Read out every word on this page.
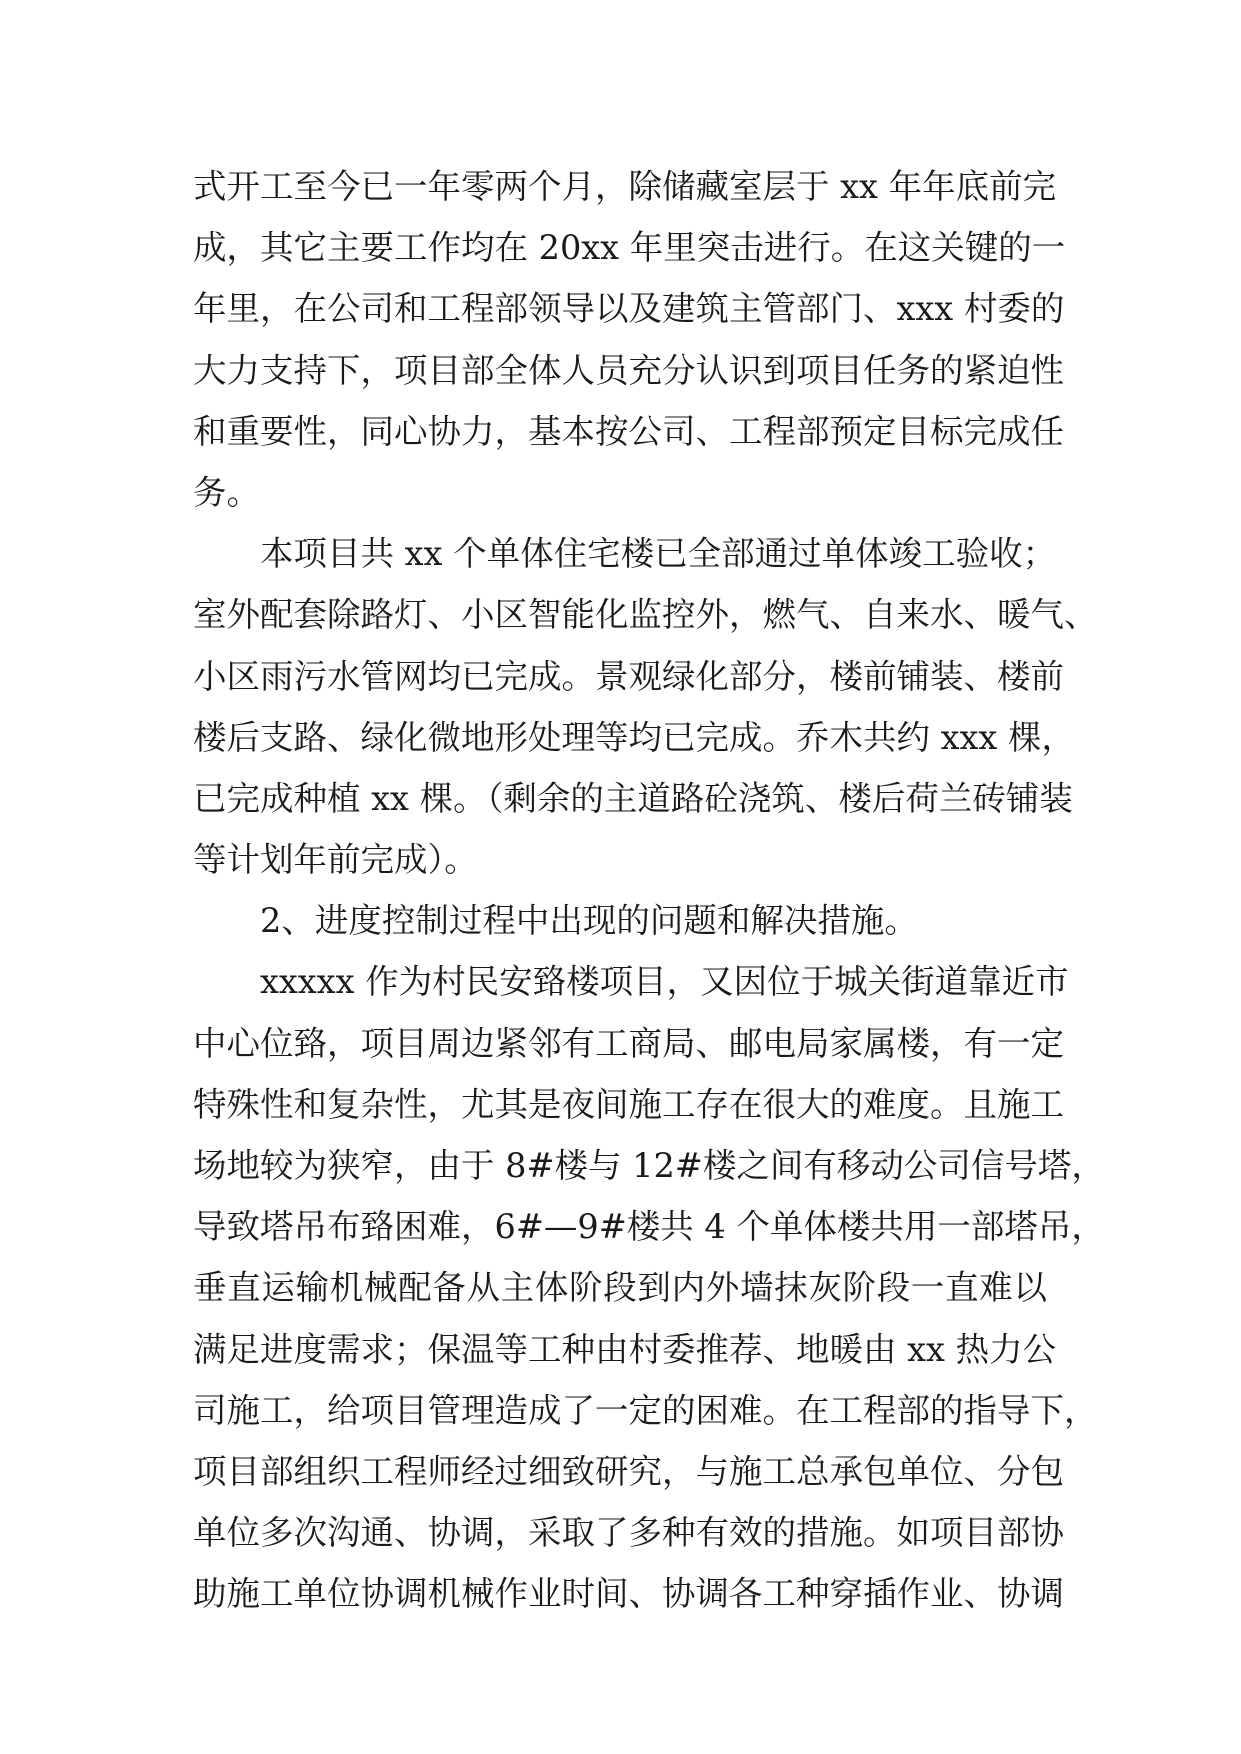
式开工至今已一年零两个月，除储藏室层于 xx 年年底前完
成，其它主要工作均在 20xx 年里突击进行。在这关键的一
年里，在公司和工程部领导以及建筑主管部门、xxx 村委的
大力支持下，项目部全体人员充分认识到项目任务的紧迫性
和重要性，同心协力，基本按公司、工程部预定目标完成任
务。
本项目共 xx 个单体住宅楼已全部通过单体竣工验收；
室外配套除路灯、小区智能化监控外，燃气、自来水、暖气、
小区雨污水管网均已完成。景观绿化部分，楼前铺装、楼前
楼后支路、绿化微地形处理等均已完成。乔木共约 xxx 棵，
已完成种植 xx 棵。（剩余的主道路砼浇筑、楼后荷兰砖铺装
等计划年前完成）。
2、进度控制过程中出现的问题和解决措施。
xxxxx 作为村民安臵楼项目，又因位于城关街道靠近市
中心位臵，项目周边紧邻有工商局、邮电局家属楼，有一定
特殊性和复杂性，尤其是夜间施工存在很大的难度。且施工
场地较为狭窄，由于 8#楼与 12#楼之间有移动公司信号塔，
导致塔吊布臵困难，6#—9#楼共 4 个单体楼共用一部塔吊，
垂直运输机械配备从主体阶段到内外墙抹灰阶段一直难以
满足进度需求；保温等工种由村委推荐、地暖由 xx 热力公
司施工，给项目管理造成了一定的困难。在工程部的指导下，
项目部组织工程师经过细致研究，与施工总承包单位、分包
单位多次沟通、协调，采取了多种有效的措施。如项目部协
助施工单位协调机械作业时间、协调各工种穿插作业、协调
